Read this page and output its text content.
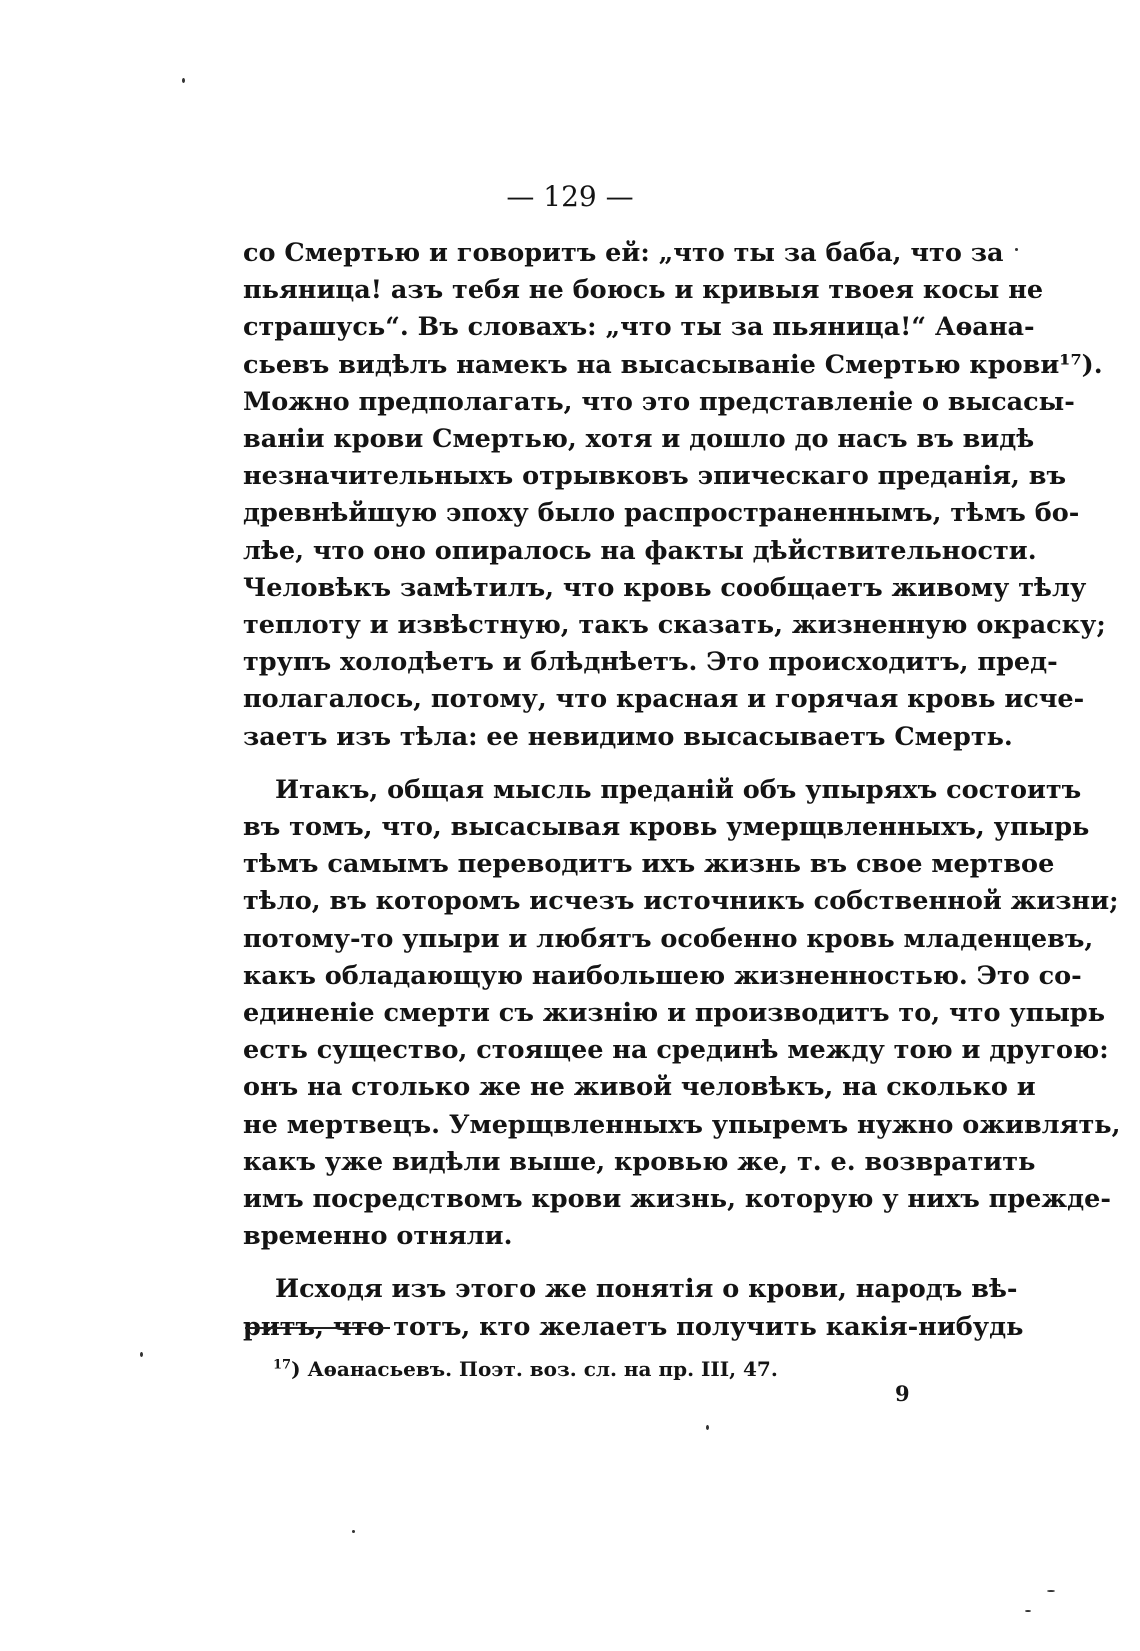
— 129 —
со Смертью и говоритъ ей: „что ты за баба, что за
пьяница! азъ тебя не боюсь и кривыя твоея косы не
страшусь“. Въ словахъ: „что ты за пьяница!“ Аѳана-
сьевъ видѣлъ намекъ на высасываніе Смертью крови¹⁷).
Можно предполагать, что это представленіе о высасы-
ваніи крови Смертью, хотя и дошло до насъ въ видѣ
незначительныхъ отрывковъ эпическаго преданія, въ
древнѣйшую эпоху было распространеннымъ, тѣмъ бо-
лѣе, что оно опиралось на факты дѣйствительности.
Человѣкъ замѣтилъ, что кровь сообщаетъ живому тѣлу
теплоту и извѣстную, такъ сказать, жизненную окраску;
трупъ холодѣетъ и блѣднѣетъ. Это происходитъ, пред-
полагалось, потому, что красная и горячая кровь исче-
заетъ изъ тѣла: ее невидимо высасываетъ Смерть.
Итакъ, общая мысль преданій объ упыряхъ состоитъ
въ томъ, что, высасывая кровь умерщвленныхъ, упырь
тѣмъ самымъ переводитъ ихъ жизнь въ свое мертвое
тѣло, въ которомъ исчезъ источникъ собственной жизни;
потому-то упыри и любятъ особенно кровь младенцевъ,
какъ обладающую наибольшею жизненностью. Это со-
единеніе смерти съ жизнію и производитъ то, что упырь
есть существо, стоящее на срединѣ между тою и другою:
онъ на столько же не живой человѣкъ, на сколько и
не мертвецъ. Умерщвленныхъ упыремъ нужно оживлять,
какъ уже видѣли выше, кровью же, т. е. возвратить
имъ посредствомъ крови жизнь, которую у нихъ преждe-
временно отняли.
Исходя изъ этого же понятія о крови, народъ вѣ-
ритъ, что тотъ, кто желаетъ получить какія-нибудь
$^{17}$) Аѳанасьевъ. Поэт. воз. сл. на пр. III, 47.
9
